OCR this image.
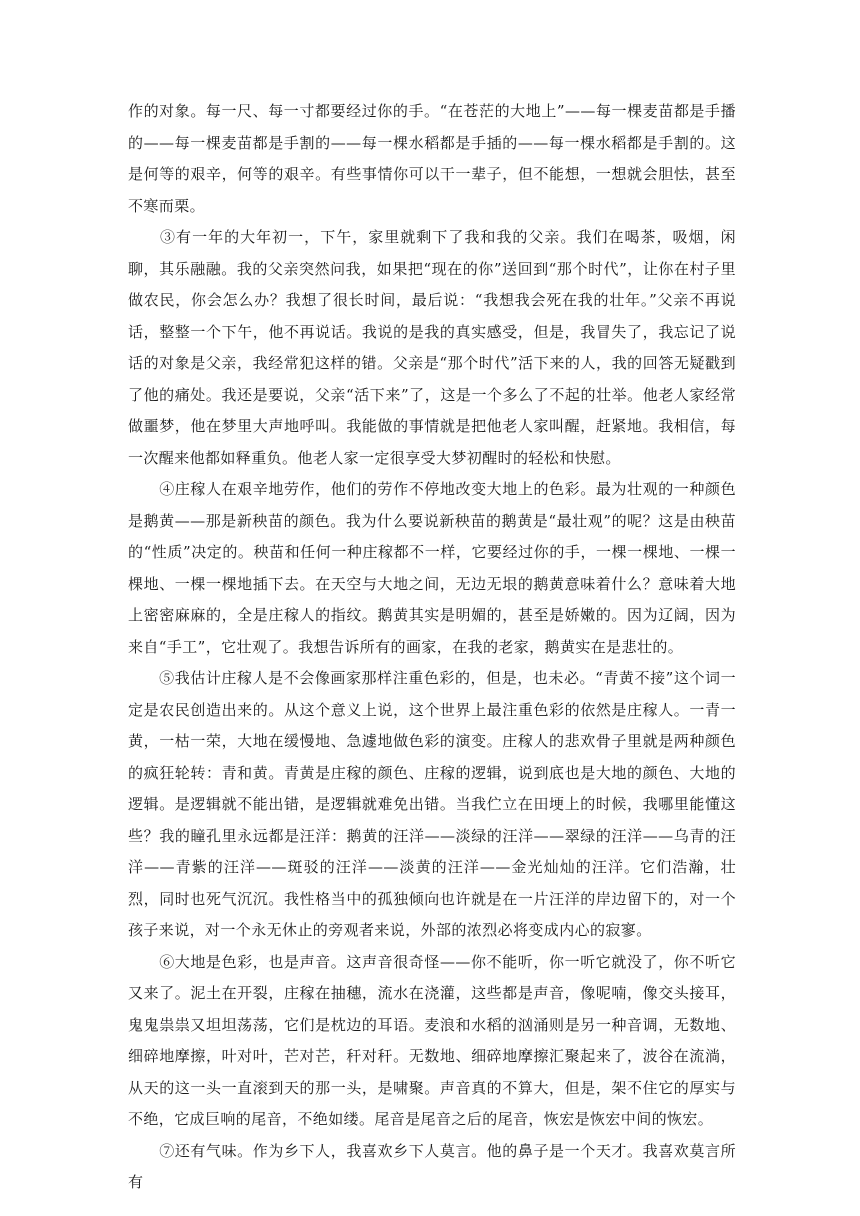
作的对象。每一尺、每一寸都要经过你的手。“在苍茫的大地上”——每一棵麦苗都是手播的——每一棵麦苗都是手割的——每一棵水稻都是手插的——每一棵水稻都是手割的。这是何等的艰辛，何等的艰辛。有些事情你可以干一辈子，但不能想，一想就会胆怯，甚至不寒而栗。

　　③有一年的大年初一，下午，家里就剩下了我和我的父亲。我们在喝茶，吸烟，闲聊，其乐融融。我的父亲突然问我，如果把“现在的你”送回到“那个时代”，让你在村子里做农民，你会怎么办？我想了很长时间，最后说：“我想我会死在我的壮年。”父亲不再说话，整整一个下午，他不再说话。我说的是我的真实感受，但是，我冒失了，我忘记了说话的对象是父亲，我经常犯这样的错。父亲是“那个时代”活下来的人，我的回答无疑戳到了他的痛处。我还是要说，父亲“活下来”了，这是一个多么了不起的壮举。他老人家经常做噩梦，他在梦里大声地呼叫。我能做的事情就是把他老人家叫醒，赶紧地。我相信，每一次醒来他都如释重负。他老人家一定很享受大梦初醒时的轻松和快慰。

　　④庄稼人在艰辛地劳作，他们的劳作不停地改变大地上的色彩。最为壮观的一种颜色是鹅黄——那是新秧苗的颜色。我为什么要说新秧苗的鹅黄是“最壮观”的呢？这是由秧苗的“性质”决定的。秧苗和任何一种庄稼都不一样，它要经过你的手，一棵一棵地、一棵一棵地、一棵一棵地插下去。在天空与大地之间，无边无垠的鹅黄意味着什么？意味着大地上密密麻麻的，全是庄稼人的指纹。鹅黄其实是明媚的，甚至是娇嫩的。因为辽阔，因为来自“手工”，它壮观了。我想告诉所有的画家，在我的老家，鹅黄实在是悲壮的。

　　⑤我估计庄稼人是不会像画家那样注重色彩的，但是，也未必。“青黄不接”这个词一定是农民创造出来的。从这个意义上说，这个世界上最注重色彩的依然是庄稼人。一青一黄，一枯一荣，大地在缓慢地、急遽地做色彩的演变。庄稼人的悲欢骨子里就是两种颜色的疯狂轮转：青和黄。青黄是庄稼的颜色、庄稼的逻辑，说到底也是大地的颜色、大地的逻辑。是逻辑就不能出错，是逻辑就难免出错。当我伫立在田埂上的时候，我哪里能懂这些？我的瞳孔里永远都是汪洋：鹅黄的汪洋——淡绿的汪洋——翠绿的汪洋——乌青的汪洋——青紫的汪洋——斑驳的汪洋——淡黄的汪洋——金光灿灿的汪洋。它们浩瀚，壮烈，同时也死气沉沉。我性格当中的孤独倾向也许就是在一片汪洋的岸边留下的，对一个孩子来说，对一个永无休止的旁观者来说，外部的浓烈必将变成内心的寂寥。

　　⑥大地是色彩，也是声音。这声音很奇怪——你不能听，你一听它就没了，你不听它又来了。泥土在开裂，庄稼在抽穗，流水在浇灌，这些都是声音，像呢喃，像交头接耳，鬼鬼祟祟又坦坦荡荡，它们是枕边的耳语。麦浪和水稻的汹涌则是另一种音调，无数地、细碎地摩擦，叶对叶，芒对芒，秆对秆。无数地、细碎地摩擦汇聚起来了，波谷在流淌，从天的这一头一直滚到天的那一头，是啸聚。声音真的不算大，但是，架不住它的厚实与不绝，它成巨响的尾音，不绝如缕。尾音是尾音之后的尾音，恢宏是恢宏中间的恢宏。

　　⑦还有气味。作为乡下人，我喜欢乡下人莫言。他的鼻子是一个天才。我喜欢莫言所有
